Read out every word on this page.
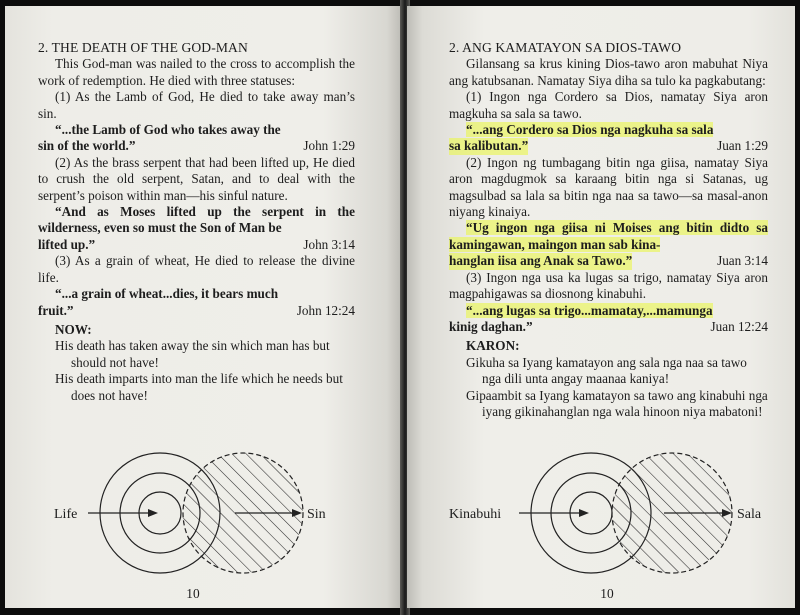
2. THE DEATH OF THE GOD-MAN

This God-man was nailed to the cross to accomplish the work of redemption. He died with three statuses:

(1) As the Lamb of God, He died to take away man’s sin.

“...the Lamb of God who takes away the
sin of the world.”	John 1:29

(2) As the brass serpent that had been lifted up, He died to crush the old serpent, Satan, and to deal with the serpent’s poison within man—his sinful nature.

“And as Moses lifted up the serpent in the wilderness, even so must the Son of Man be
lifted up.”	John 3:14

(3) As a grain of wheat, He died to release the divine life.

“...a grain of wheat...dies, it bears much
fruit.”	John 12:24

NOW:

His death has taken away the sin which man has but should not have!

His death imparts into man the life which he needs but does not have!

Life	Sin
10

2. ANG KAMATAYON SA DIOS-TAWO

Gilansang sa krus kining Dios-tawo aron mabuhat Niya ang katubsanan. Namatay Siya diha sa tulo ka pagkabutang:

(1) Ingon nga Cordero sa Dios, namatay Siya aron magkuha sa sala sa tawo.

“...ang Cordero sa Dios nga nagkuha sa sala
sa kalibutan.”	Juan 1:29

(2) Ingon ng tumbagang bitin nga giisa, namatay Siya aron magdugmok sa karaang bitin nga si Satanas, ug magsulbad sa lala sa bitin nga naa sa tawo—sa masal-anon niyang kinaiya.

“Ug ingon nga giisa ni Moises ang bitin didto sa kamingawan, maingon man sab kina-
hanglan iisa ang Anak sa Tawo.”	Juan 3:14

(3) Ingon nga usa ka lugas sa trigo, namatay Siya aron magpahigawas sa diosnong kinabuhi.

“...ang lugas sa trigo...mamatay,...mamunga
kinig daghan.”	Juan 12:24

KARON:

Gikuha sa Iyang kamatayon ang sala nga naa sa tawo nga dili unta angay maanaa kaniya!

Gipaambit sa Iyang kamatayon sa tawo ang kinabuhi nga iyang gikinahanglan nga wala hinoon niya mabatoni!

Kinabuhi	Sala
10
